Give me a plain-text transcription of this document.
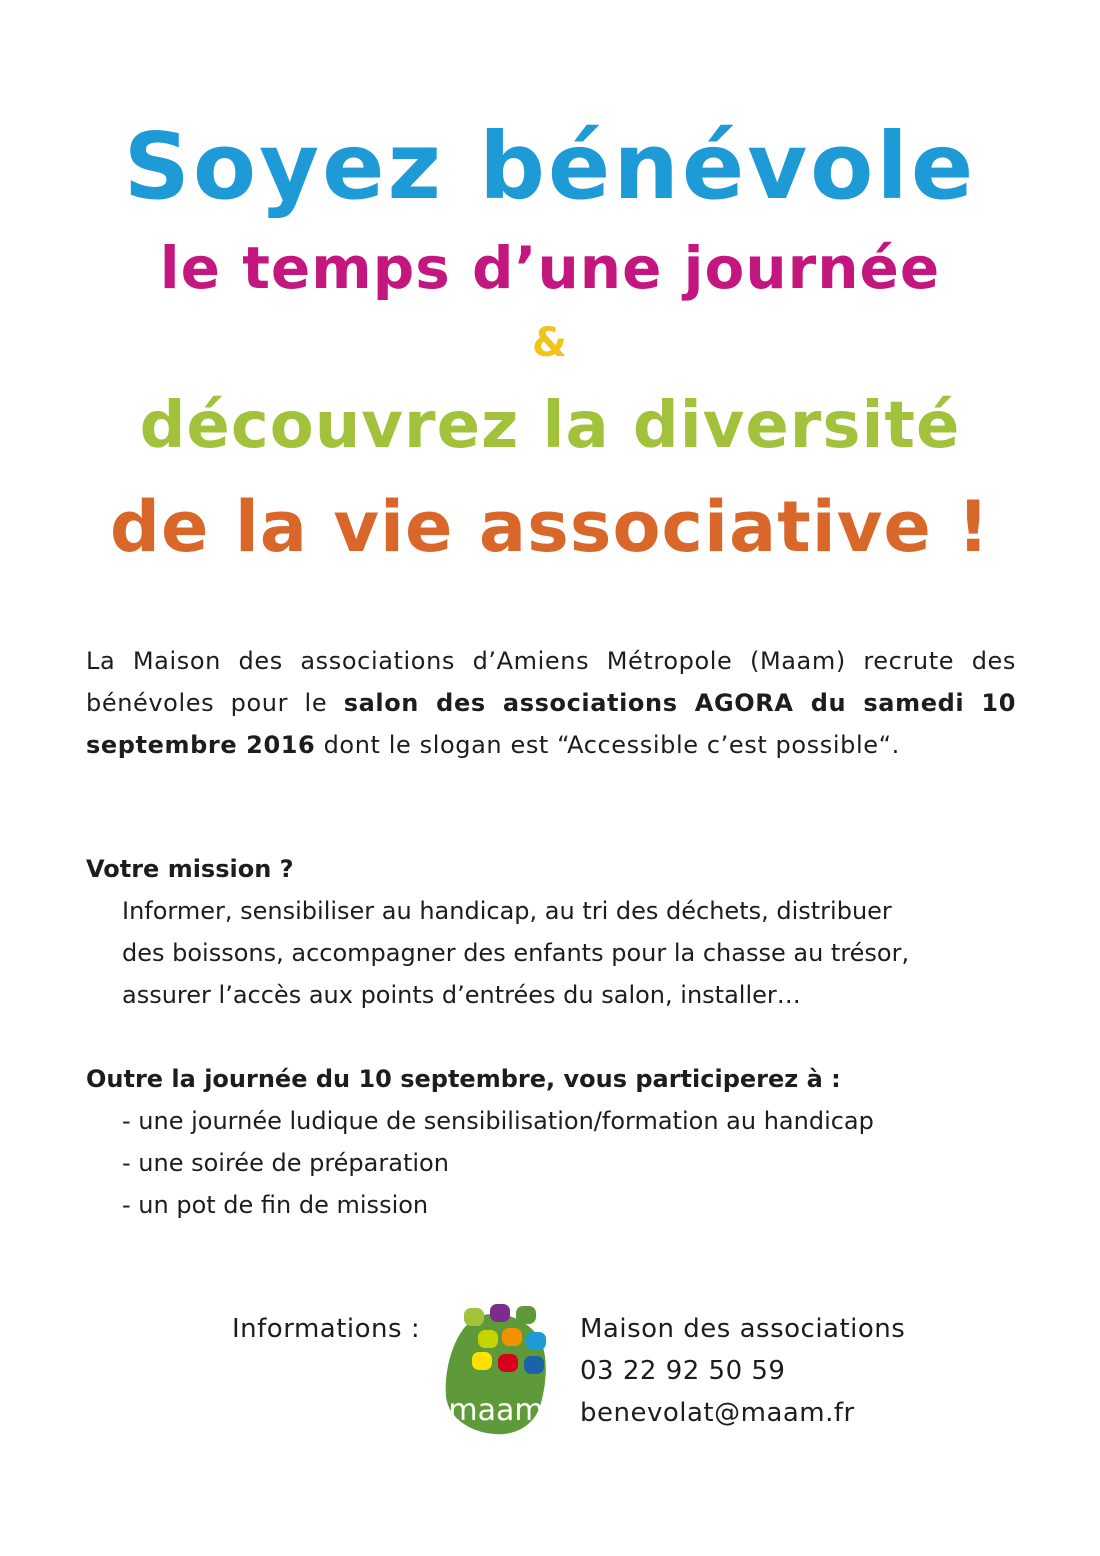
Soyez bénévole
le temps d’une journée
&
découvrez la diversité
de la vie associative !
La Maison des associations d’Amiens Métropole (Maam) recrute des bénévoles pour le salon des associations AGORA du samedi 10 septembre 2016 dont le slogan est “Accessible c’est possible“.
Votre mission ?
Informer, sensibiliser au handicap, au tri des déchets, distribuer
des boissons, accompagner des enfants pour la chasse au trésor,
assurer l’accès aux points d’entrées du salon, installer…
Outre la journée du 10 septembre, vous participerez à :
- une journée ludique de sensibilisation/formation au handicap
- une soirée de préparation
- un pot de fin de mission
Informations :
maam
Maison des associations
03 22 92 50 59
benevolat@maam.fr
